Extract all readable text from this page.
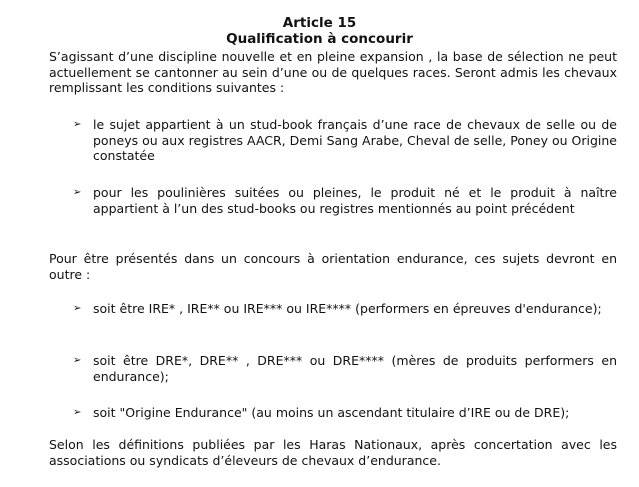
Article 15
Qualification à concourir
S’agissant d’une discipline nouvelle et en pleine expansion , la base de sélection ne peut actuellement se cantonner au sein d’une ou de quelques races. Seront admis les chevaux remplissant les conditions suivantes :
➢ le sujet appartient à un stud-book français d’une race de chevaux de selle ou de poneys ou aux registres AACR, Demi Sang Arabe, Cheval de selle, Poney ou Origine constatée
➢ pour les poulinières suitées ou pleines, le produit né et le produit à naître appartient à l’un des stud-books ou registres mentionnés au point précédent
Pour être présentés dans un concours à orientation endurance, ces sujets devront en outre :
➢ soit être IRE* , IRE** ou IRE*** ou IRE**** (performers en épreuves d'endurance);
➢ soit être DRE*, DRE** , DRE*** ou DRE**** (mères de produits performers en endurance);
➢ soit "Origine Endurance" (au moins un ascendant titulaire d’IRE ou de DRE);
Selon les définitions publiées par les Haras Nationaux, après concertation avec les associations ou syndicats d’éleveurs de chevaux d’endurance.
